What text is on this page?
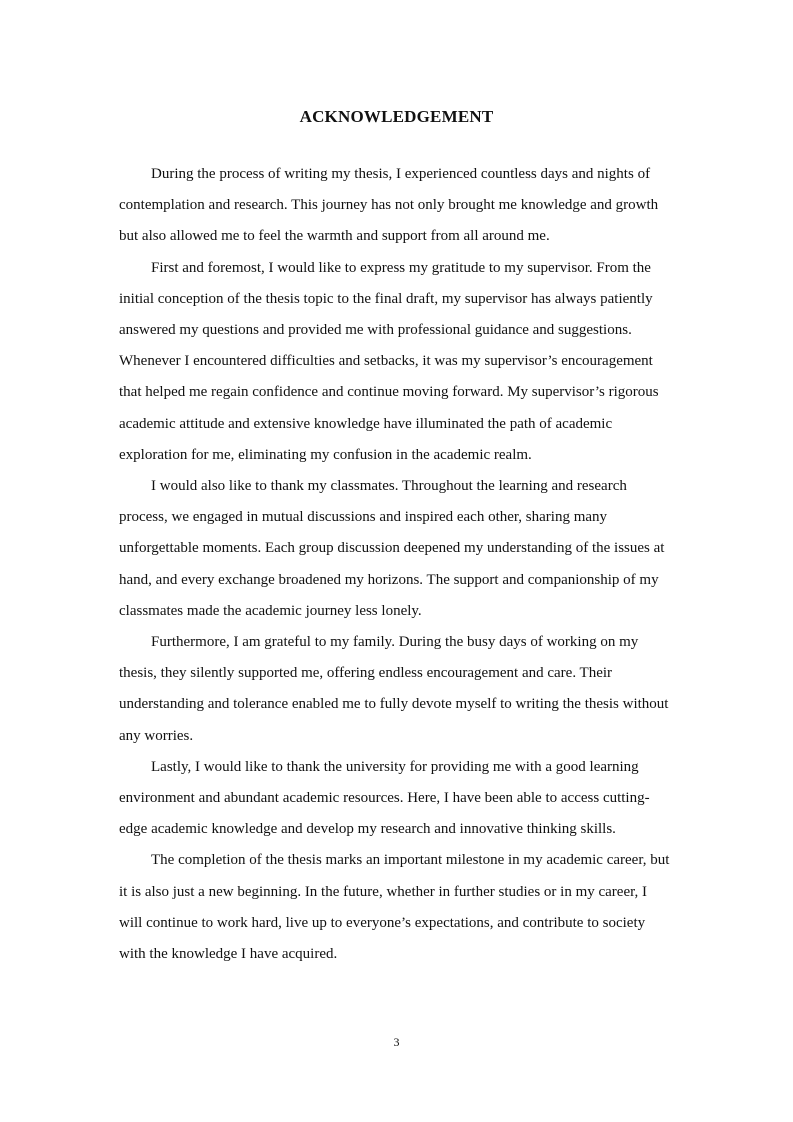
ACKNOWLEDGEMENT

During the process of writing my thesis, I experienced countless days and nights of contemplation and research. This journey has not only brought me knowledge and growth but also allowed me to feel the warmth and support from all around me.

First and foremost, I would like to express my gratitude to my supervisor. From the initial conception of the thesis topic to the final draft, my supervisor has always patiently answered my questions and provided me with professional guidance and suggestions. Whenever I encountered difficulties and setbacks, it was my supervisor’s encouragement that helped me regain confidence and continue moving forward. My supervisor’s rigorous academic attitude and extensive knowledge have illuminated the path of academic exploration for me, eliminating my confusion in the academic realm.

I would also like to thank my classmates. Throughout the learning and research process, we engaged in mutual discussions and inspired each other, sharing many unforgettable moments. Each group discussion deepened my understanding of the issues at hand, and every exchange broadened my horizons. The support and companionship of my classmates made the academic journey less lonely.

Furthermore, I am grateful to my family. During the busy days of working on my thesis, they silently supported me, offering endless encouragement and care. Their understanding and tolerance enabled me to fully devote myself to writing the thesis without any worries.

Lastly, I would like to thank the university for providing me with a good learning environment and abundant academic resources. Here, I have been able to access cutting-edge academic knowledge and develop my research and innovative thinking skills.

The completion of the thesis marks an important milestone in my academic career, but it is also just a new beginning. In the future, whether in further studies or in my career, I will continue to work hard, live up to everyone’s expectations, and contribute to society with the knowledge I have acquired.

3
